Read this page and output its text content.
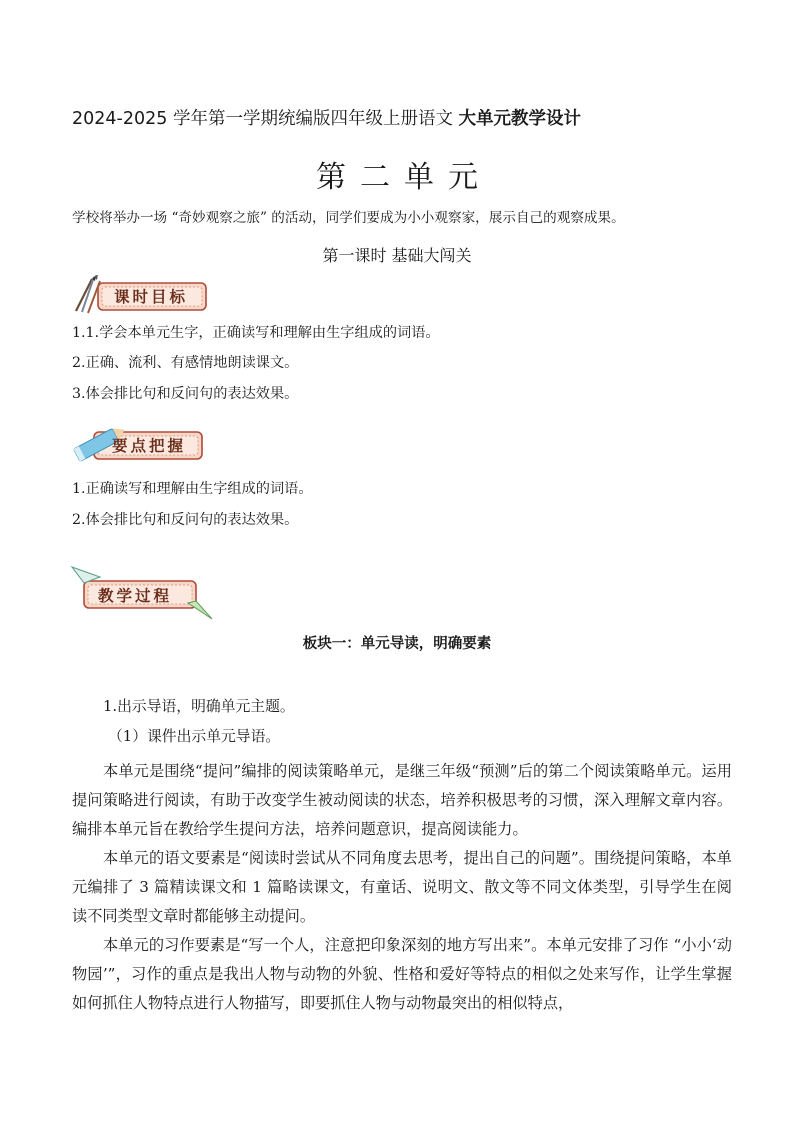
2024-2025 学年第一学期统编版四年级上册语文 大单元教学设计
第二单元
学校将举办一场 “奇妙观察之旅” 的活动，同学们要成为小小观察家，展示自己的观察成果。
第一课时 基础大闯关
课时目标
1.1.学会本单元生字，正确读写和理解由生字组成的词语。
2.正确、流利、有感情地朗读课文。
3.体会排比句和反问句的表达效果。
要点把握
1.正确读写和理解由生字组成的词语。
2.体会排比句和反问句的表达效果。
教学过程
板块一：单元导读，明确要素
1.出示导语，明确单元主题。
（1）课件出示单元导语。

本单元是围绕“提问”编排的阅读策略单元，是继三年级“预测”后的第二个阅读策略单元。运用提问策略进行阅读，有助于改变学生被动阅读的状态，培养积极思考的习惯，深入理解文章内容。编排本单元旨在教给学生提问方法，培养问题意识，提高阅读能力。

本单元的语文要素是“阅读时尝试从不同角度去思考，提出自己的问题”。围绕提问策略，本单元编排了 3 篇精读课文和 1 篇略读课文，有童话、说明文、散文等不同文体类型，引导学生在阅读不同类型文章时都能够主动提问。

本单元的习作要素是“写一个人，注意把印象深刻的地方写出来”。本单元安排了习作 “小小‘动物园’”，习作的重点是我出人物与动物的外貌、性格和爱好等特点的相似之处来写作，让学生掌握如何抓住人物特点进行人物描写，即要抓住人物与动物最突出的相似特点，
